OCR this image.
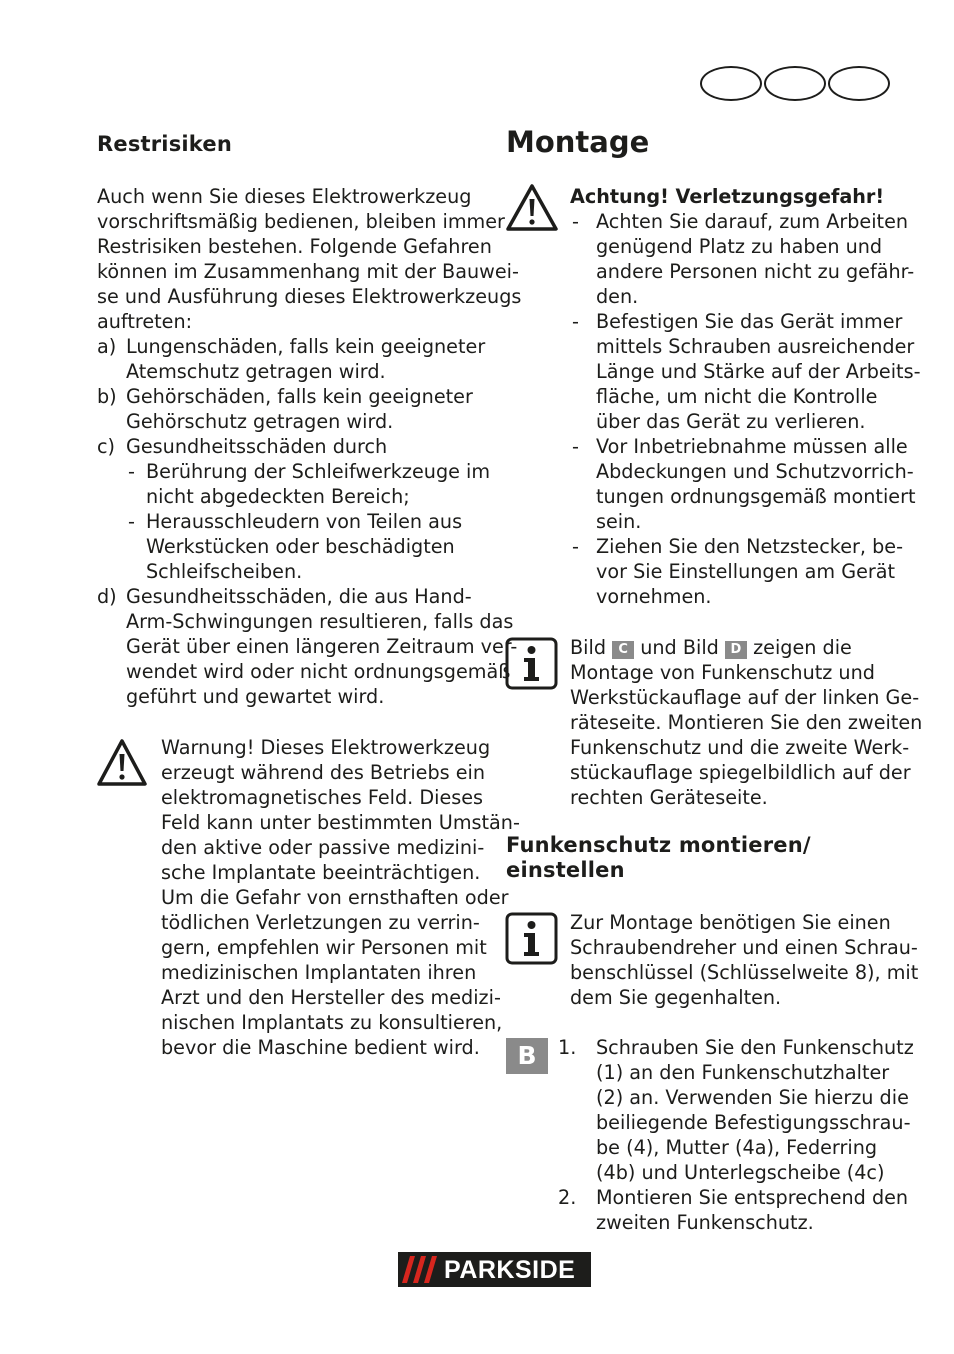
Restrisiken
Auch wenn Sie dieses Elektrowerkzeug
vorschriftsmäßig bedienen, bleiben immer
Restrisiken bestehen. Folgende Gefahren
können im Zusammenhang mit der Bauwei-
se und Ausführung dieses Elektrowerkzeugs
auftreten:
a) Lungenschäden, falls kein geeigneter
Atemschutz getragen wird.
b) Gehörschäden, falls kein geeigneter
Gehörschutz getragen wird.
c) Gesundheitsschäden durch
- Berührung der Schleifwerkzeuge im
nicht abgedeckten Bereich;
- Herausschleudern von Teilen aus
Werkstücken oder beschädigten
Schleifscheiben.
d) Gesundheitsschäden, die aus Hand-
Arm-Schwingungen resultieren, falls das
Gerät über einen längeren Zeitraum ver-
wendet wird oder nicht ordnungsgemäß
geführt und gewartet wird.
Warnung! Dieses Elektrowerkzeug
erzeugt während des Betriebs ein
elektromagnetisches Feld. Dieses
Feld kann unter bestimmten Umstän-
den aktive oder passive medizini-
sche Implantate beeinträchtigen.
Um die Gefahr von ernsthaften oder
tödlichen Verletzungen zu verrin-
gern, empfehlen wir Personen mit
medizinischen Implantaten ihren
Arzt und den Hersteller des medizi-
nischen Implantats zu konsultieren,
bevor die Maschine bedient wird.
Montage
Achtung! Verletzungsgefahr!
- Achten Sie darauf, zum Arbeiten
genügend Platz zu haben und
andere Personen nicht zu gefähr-
den.
- Befestigen Sie das Gerät immer
mittels Schrauben ausreichender
Länge und Stärke auf der Arbeits-
fläche, um nicht die Kontrolle
über das Gerät zu verlieren.
- Vor Inbetriebnahme müssen alle
Abdeckungen und Schutzvorrich-
tungen ordnungsgemäß montiert
sein.
- Ziehen Sie den Netzstecker, be-
vor Sie Einstellungen am Gerät
vornehmen.
Bild C und Bild D zeigen die
Montage von Funkenschutz und
Werkstückauflage auf der linken Ge-
räteseite. Montieren Sie den zweiten
Funkenschutz und die zweite Werk-
stückauflage spiegelbildlich auf der
rechten Geräteseite.
Funkenschutz montieren/
einstellen
Zur Montage benötigen Sie einen
Schraubendreher und einen Schrau-
benschlüssel (Schlüsselweite 8), mit
dem Sie gegenhalten.
B	1. Schrauben Sie den Funkenschutz
(1) an den Funkenschutzhalter
(2) an. Verwenden Sie hierzu die
beiliegende Befestigungsschrau-
be (4), Mutter (4a), Federring
(4b) und Unterlegscheibe (4c)
2. Montieren Sie entsprechend den
zweiten Funkenschutz.
PARKSIDE
